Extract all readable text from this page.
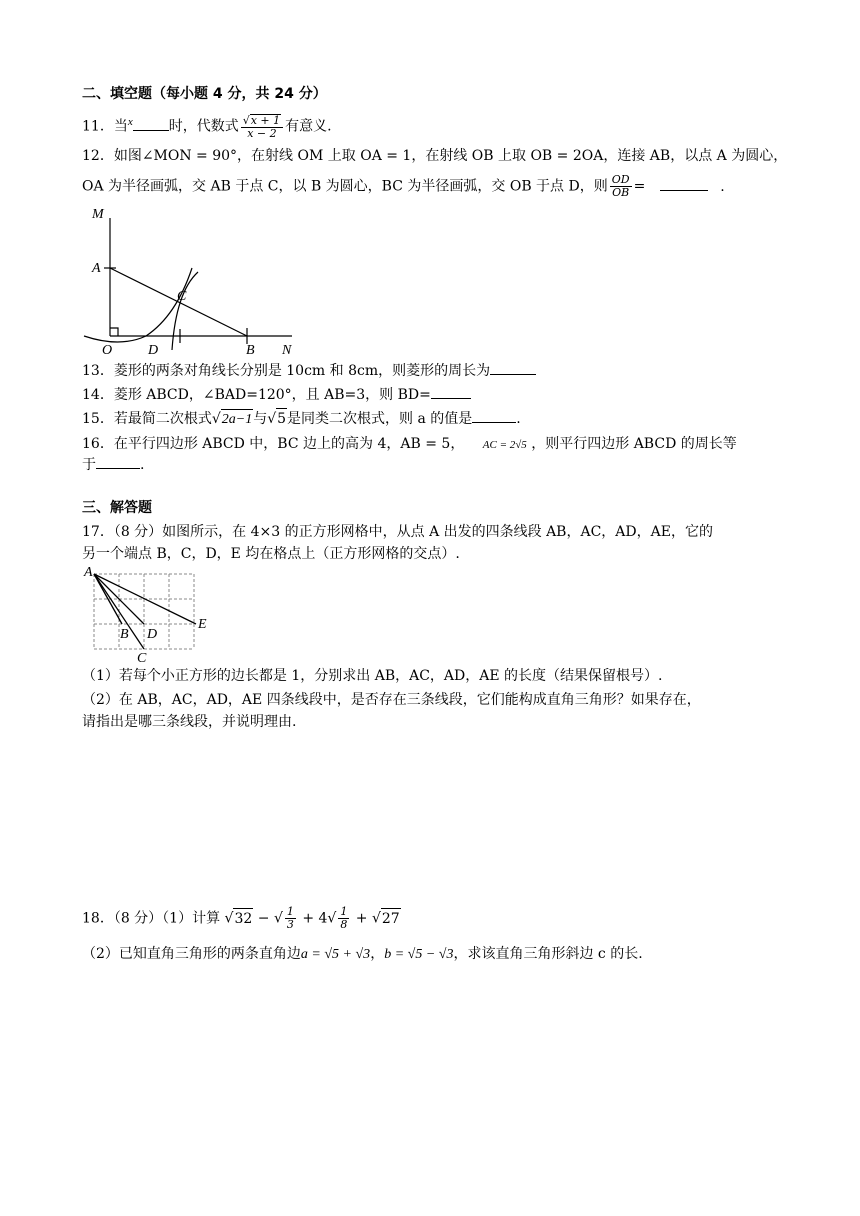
二、填空题（每小题 4 分，共 24 分）
11．当$^x$	时，代数式 $\frac{√x + 1}{x - 2}$ 有意义.
12．如图∠MON = 90°，在射线 OM 上取 OA = 1，在射线 OB 上取 OB = 2OA，连接 AB，以点 A 为圆心，
OA 为半径画弧，交 AB 于点 C，以 B 为圆心，BC 为半径画弧，交 OB 于点 D，则 $\frac{OD}{OB}$ =	.
M
A
C
O	D	B N
13．菱形的两条对角线长分别是 10cm 和 8cm，则菱形的周长为
14．菱形 ABCD，∠BAD=120°，且 AB=3，则 BD=
15．若最简二次根式√2a−1与√5是同类二次根式，则 a 的值是	.
16．在平行四边形 ABCD 中，BC 边上的高为 4，AB = 5， AC = 2√5 ，则平行四边形 ABCD 的周长等
于	.
三、解答题
17．（8 分）如图所示，在 4×3 的正方形网格中，从点 A 出发的四条线段 AB，AC，AD，AE，它的
另一个端点 B，C，D，E 均在格点上（正方形网格的交点）.
A
B D
C
E
（1）若每个小正方形的边长都是 1，分别求出 AB，AC，AD，AE 的长度（结果保留根号）.
（2）在 AB，AC，AD，AE 四条线段中，是否存在三条线段，它们能构成直角三角形？如果存在，
请指出是哪三条线段，并说明理由.
18．（8 分）（1）计算 √32 − √ $\frac{1}{3} + 4√ \frac{1}{8} + √27$
（2）已知直角三角形的两条直角边a = √5 + √3，b = √5 − √3，求该直角三角形斜边 c 的长.
